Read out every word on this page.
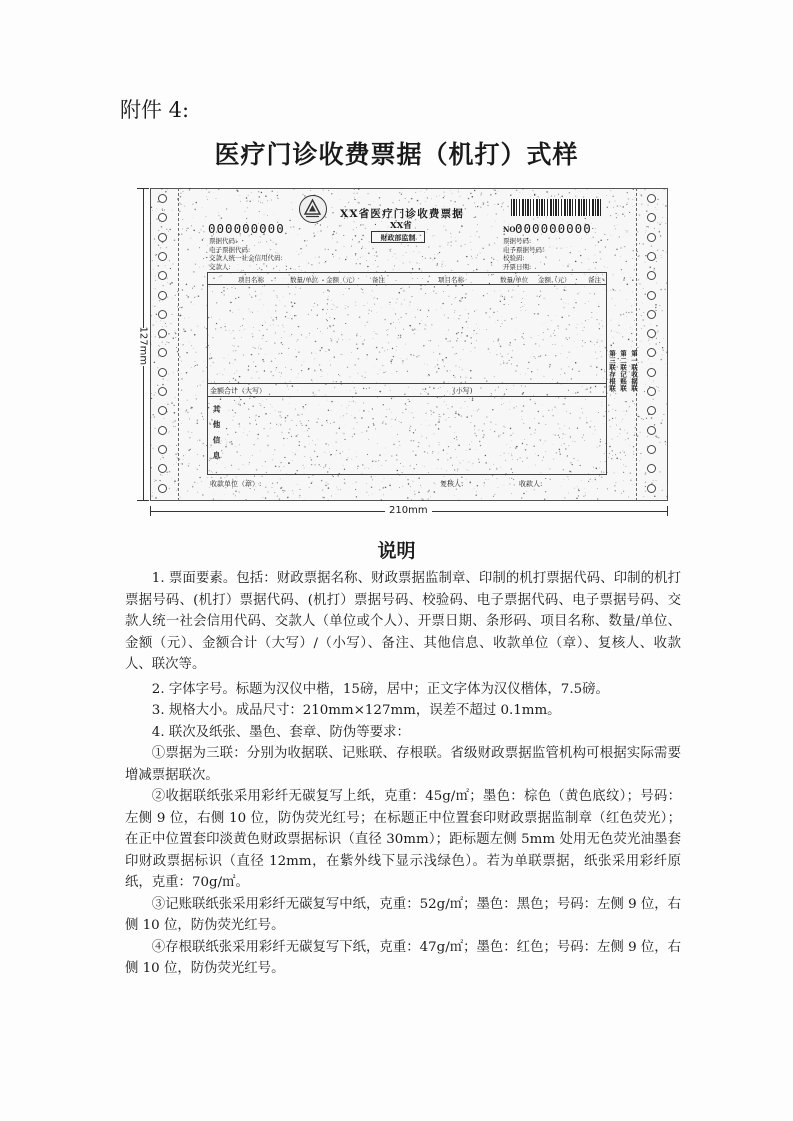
附件 4:
医疗门诊收费票据（机打）式样
127mm
210mm
XX省医疗门诊收费票据
XX省
财政部监制
000000000	NO 000000000
票据代码:
电子票据代码:
交款人统一社会信用代码:
交款人:
票据号码:
电子票据号码:
校验码:
开票日期:
项目名称	数量/单位 金额（元） 备注	项目名称	数量/单位 金额（元）	备注
金额合计（大写）	(小写)
其他信息
收款单位（章）:	复核人:	收款人:
第一联收据联
第二联记账联
第三联存根联
说明

1. 票面要素。包括：财政票据名称、财政票据监制章、印制的机打票据代码、印制的机打票据号码、(机打）票据代码、(机打）票据号码、校验码、电子票据代码、电子票据号码、交款人统一社会信用代码、交款人（单位或个人）、开票日期、条形码、项目名称、数量/单位、金额（元）、金额合计（大写）/（小写）、备注、其他信息、收款单位（章）、复核人、收款人、联次等。

2. 字体字号。标题为汉仪中楷，15磅，居中；正文字体为汉仪楷体，7.5磅。

3. 规格大小。成品尺寸：210mm×127mm，误差不超过 0.1mm。

4. 联次及纸张、墨色、套章、防伪等要求：

①票据为三联：分别为收据联、记账联、存根联。省级财政票据监管机构可根据实际需要增减票据联次。

②收据联纸张采用彩纤无碳复写上纸，克重：45g/㎡；墨色：棕色（黄色底纹）；号码：左侧 9 位，右侧 10 位，防伪荧光红号；在标题正中位置套印财政票据监制章（红色荧光）；在正中位置套印淡黄色财政票据标识（直径 30mm）；距标题左侧 5mm 处用无色荧光油墨套印财政票据标识（直径 12mm，在紫外线下显示浅绿色）。若为单联票据，纸张采用彩纤原纸，克重：70g/㎡。

③记账联纸张采用彩纤无碳复写中纸，克重：52g/㎡；墨色：黑色；号码：左侧 9 位，右侧 10 位，防伪荧光红号。

④存根联纸张采用彩纤无碳复写下纸，克重：47g/㎡；墨色：红色；号码：左侧 9 位，右侧 10 位，防伪荧光红号。
